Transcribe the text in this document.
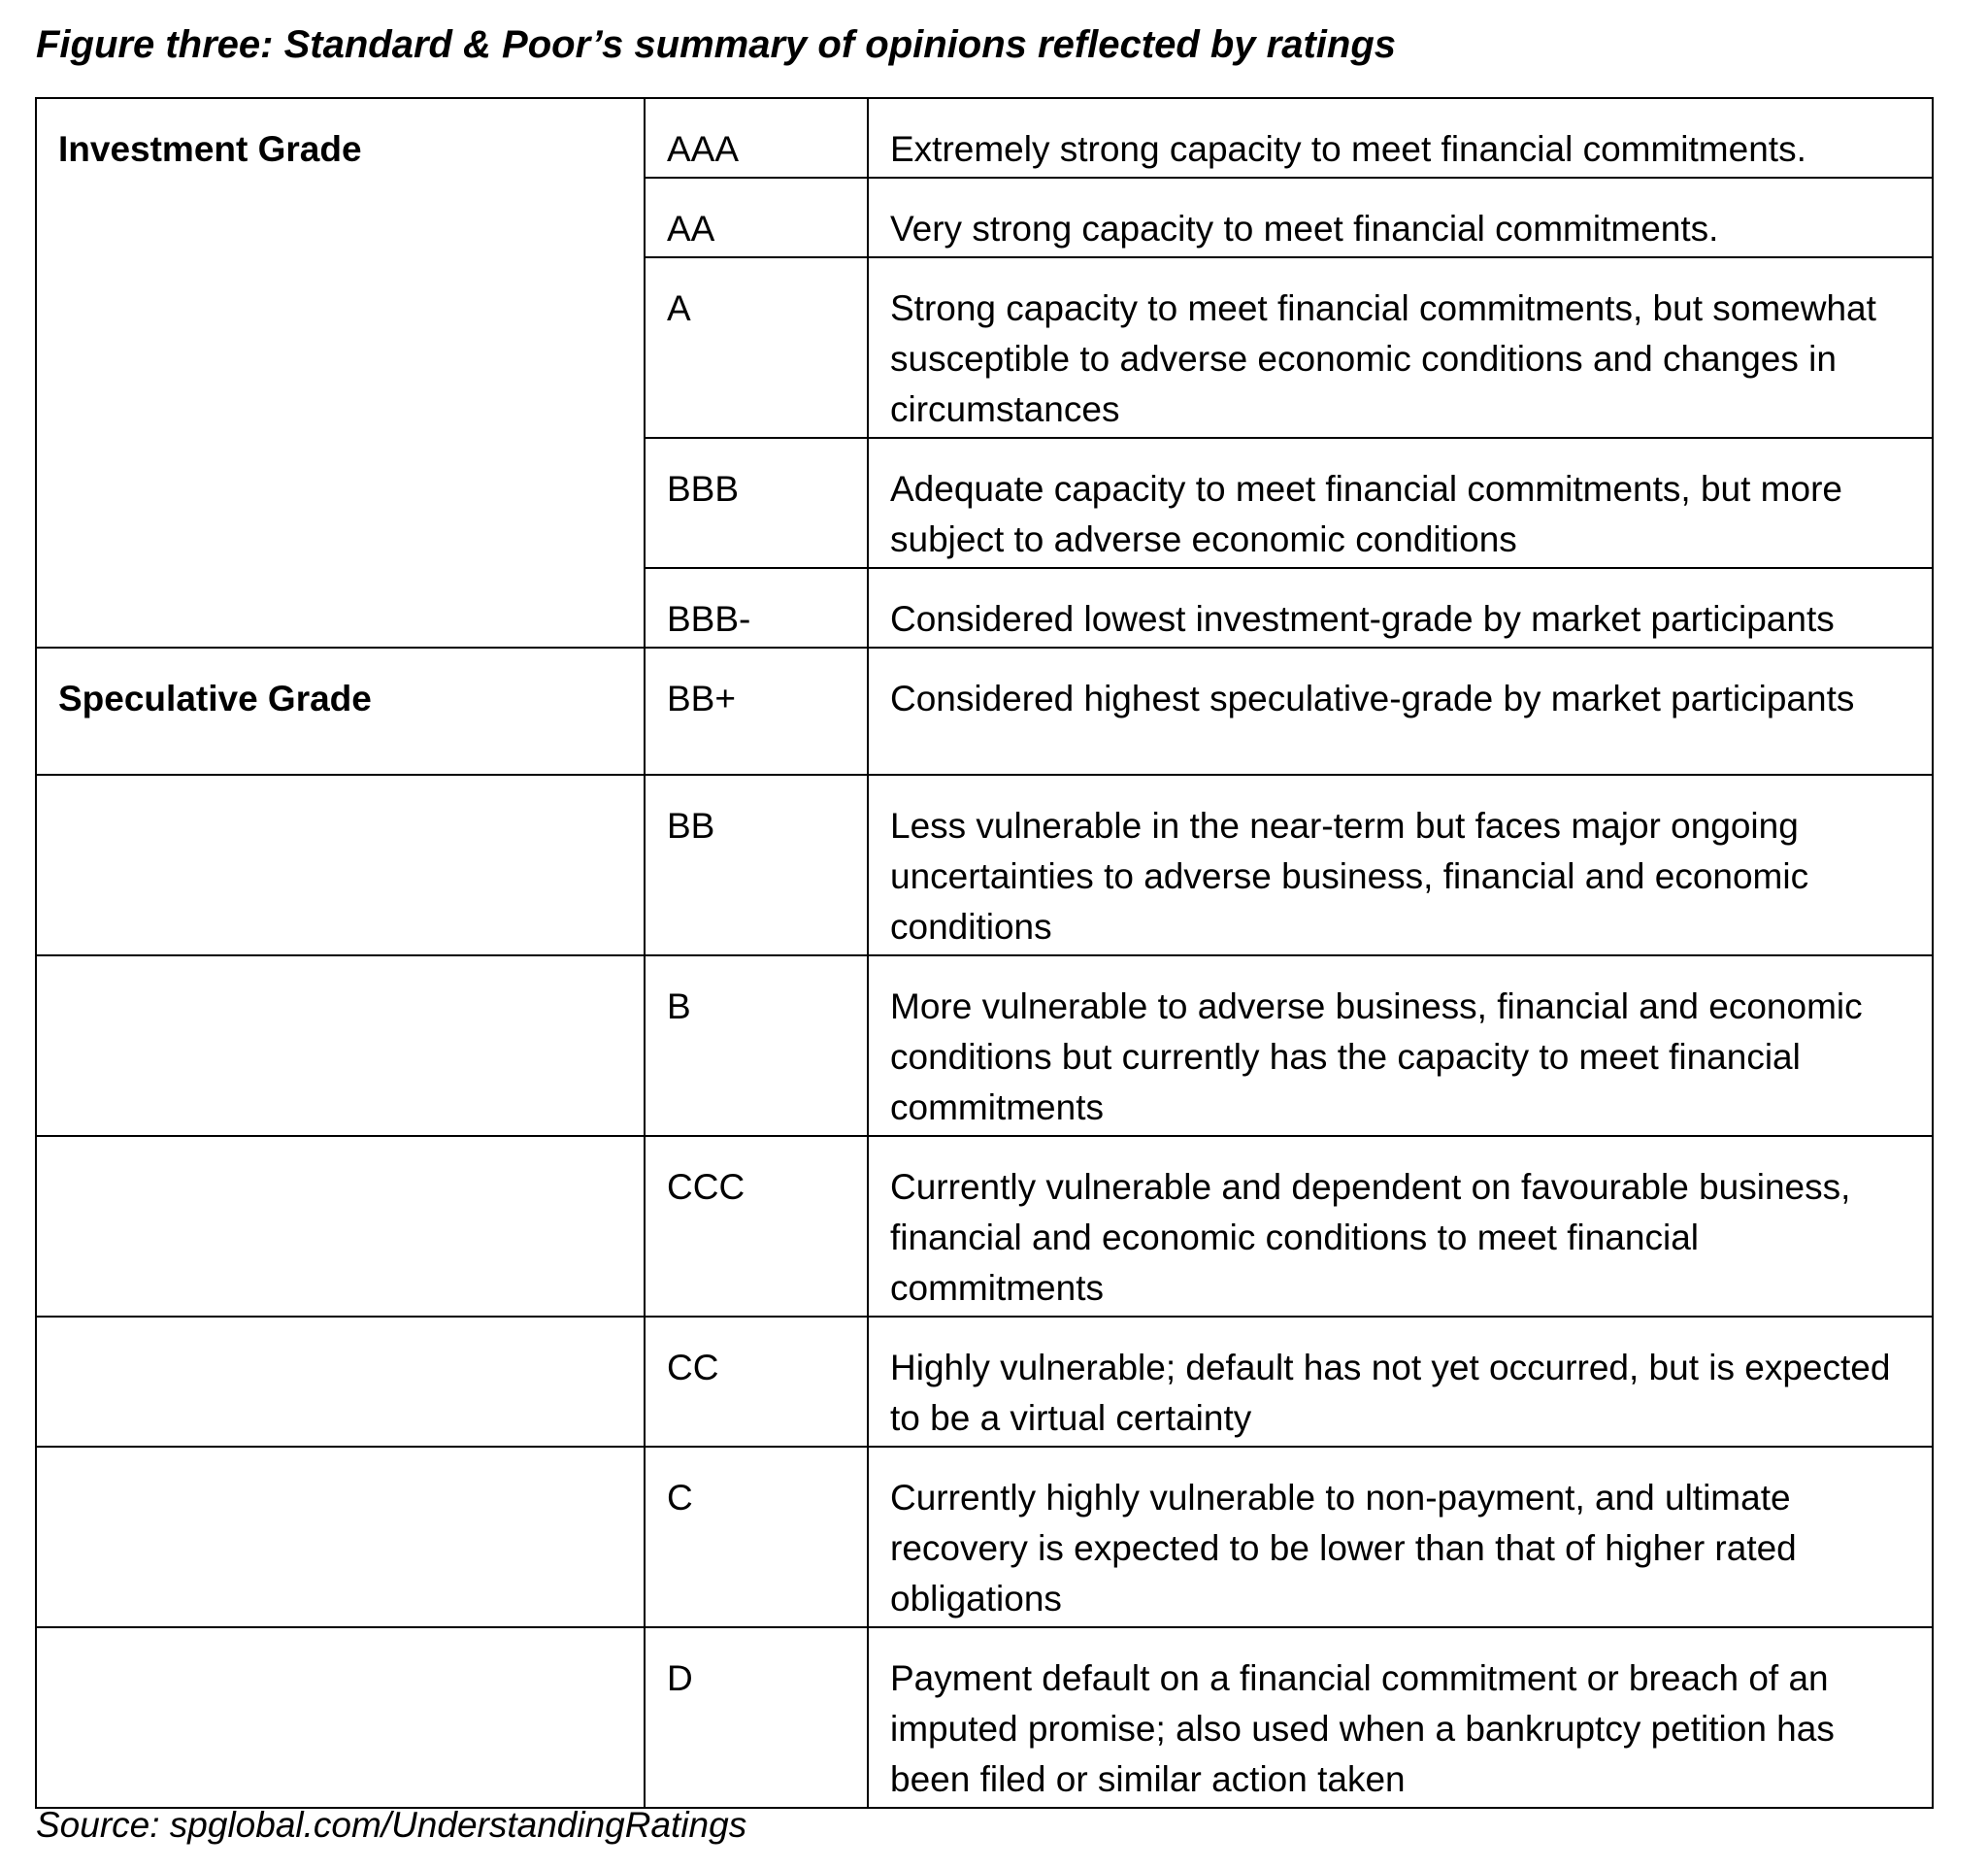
Figure three: Standard & Poor’s summary of opinions reflected by ratings
Investment Grade	AAA	Extremely strong capacity to meet financial commitments.
	AA	Very strong capacity to meet financial commitments.
	A	Strong capacity to meet financial commitments, but somewhat susceptible to adverse economic conditions and changes in circumstances
	BBB	Adequate capacity to meet financial commitments, but more subject to adverse economic conditions
	BBB-	Considered lowest investment-grade by market participants
Speculative Grade	BB+	Considered highest speculative-grade by market participants
	BB	Less vulnerable in the near-term but faces major ongoing uncertainties to adverse business, financial and economic conditions
	B	More vulnerable to adverse business, financial and economic conditions but currently has the capacity to meet financial commitments
	CCC	Currently vulnerable and dependent on favourable business, financial and economic conditions to meet financial commitments
	CC	Highly vulnerable; default has not yet occurred, but is expected to be a virtual certainty
	C	Currently highly vulnerable to non-payment, and ultimate recovery is expected to be lower than that of higher rated obligations
	D	Payment default on a financial commitment or breach of an imputed promise; also used when a bankruptcy petition has been filed or similar action taken
Source: spglobal.com/UnderstandingRatings
